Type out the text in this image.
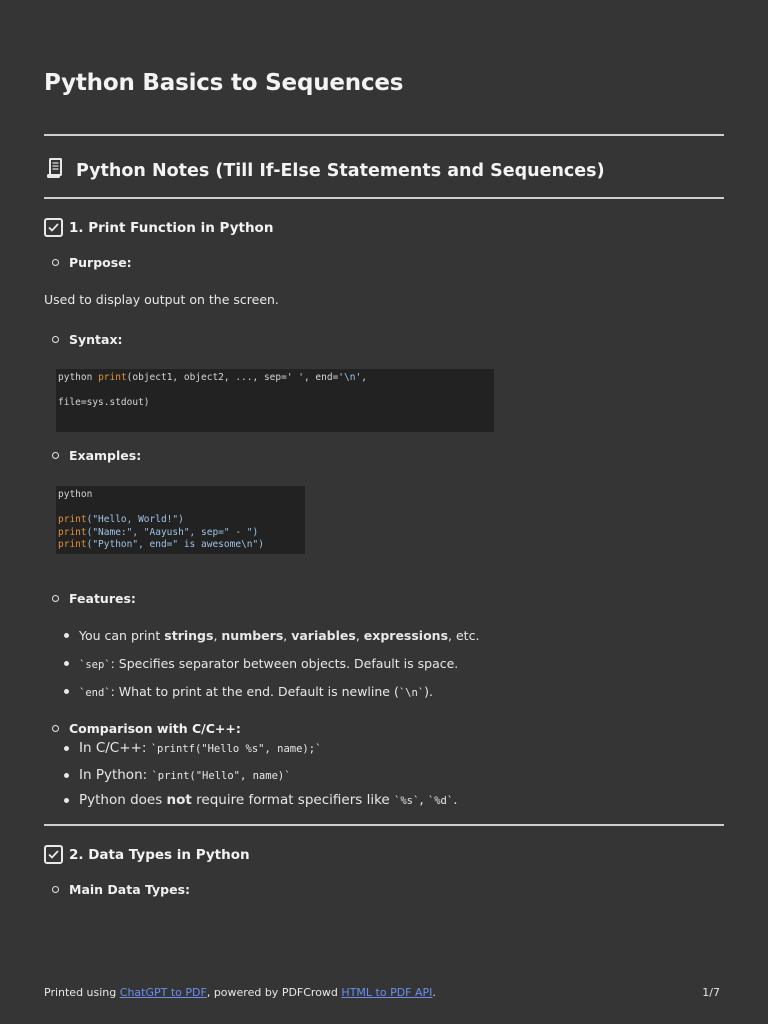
Python Basics to Sequences
Python Notes (Till If-Else Statements and Sequences)
1. Print Function in Python
Purpose:
Used to display output on the screen.
Syntax:
python print(object1, object2, ..., sep=' ', end='\n',

file=sys.stdout)
Examples:
python

print("Hello, World!")
print("Name:", "Aayush", sep=" - ")
print("Python", end=" is awesome\n")
Features:
You can print strings, numbers, variables, expressions, etc.
`sep`: Specifies separator between objects. Default is space.
`end`: What to print at the end. Default is newline (`\n`).
Comparison with C/C++:
In C/C++: `printf("Hello %s", name);`
In Python: `print("Hello", name)`
Python does not require format specifiers like `%s`, `%d`.
2. Data Types in Python
Main Data Types:
Printed using ChatGPT to PDF, powered by PDFCrowd HTML to PDF API.	1/7
